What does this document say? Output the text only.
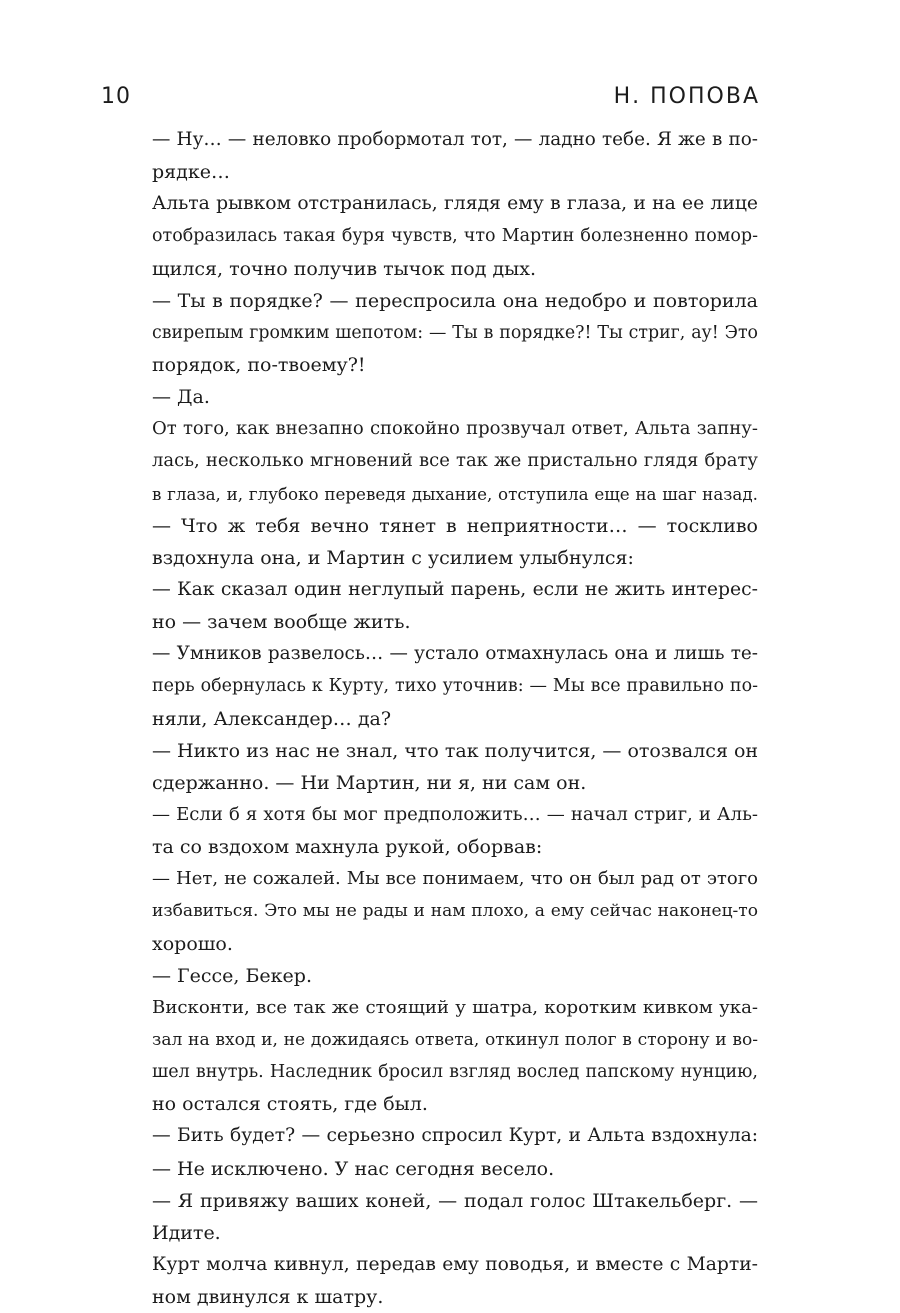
10	Н. ПОПОВА
— Ну… — неловко пробормотал тот, — ладно тебе. Я же в по-
рядке…
Альта рывком отстранилась, глядя ему в глаза, и на ее лице
отобразилась такая буря чувств, что Мартин болезненно помор-
щился, точно получив тычок под дых.
— Ты в порядке? — переспросила она недобро и повторила
свирепым громким шепотом: — Ты в порядке?! Ты стриг, ау! Это
порядок, по-твоему?!
— Да.
От того, как внезапно спокойно прозвучал ответ, Альта запну-
лась, несколько мгновений все так же пристально глядя брату
в глаза, и, глубоко переведя дыхание, отступила еще на шаг назад.
— Что ж тебя вечно тянет в неприятности… — тоскливо
вздохнула она, и Мартин с усилием улыбнулся:
— Как сказал один неглупый парень, если не жить интерес-
но — зачем вообще жить.
— Умников развелось… — устало отмахнулась она и лишь те-
перь обернулась к Курту, тихо уточнив: — Мы все правильно по-
няли, Александер… да?
— Никто из нас не знал, что так получится, — отозвался он
сдержанно. — Ни Мартин, ни я, ни сам он.
— Если б я хотя бы мог предположить… — начал стриг, и Аль-
та со вздохом махнула рукой, оборвав:
— Нет, не сожалей. Мы все понимаем, что он был рад от этого
избавиться. Это мы не рады и нам плохо, а ему сейчас наконец-то
хорошо.
— Гессе, Бекер.
Висконти, все так же стоящий у шатра, коротким кивком ука-
зал на вход и, не дожидаясь ответа, откинул полог в сторону и во-
шел внутрь. Наследник бросил взгляд вослед папскому нунцию,
но остался стоять, где был.
— Бить будет? — серьезно спросил Курт, и Альта вздохнула:
— Не исключено. У нас сегодня весело.
— Я привяжу ваших коней, — подал голос Штакельберг. —
Идите.
Курт молча кивнул, передав ему поводья, и вместе с Марти-
ном двинулся к шатру.
